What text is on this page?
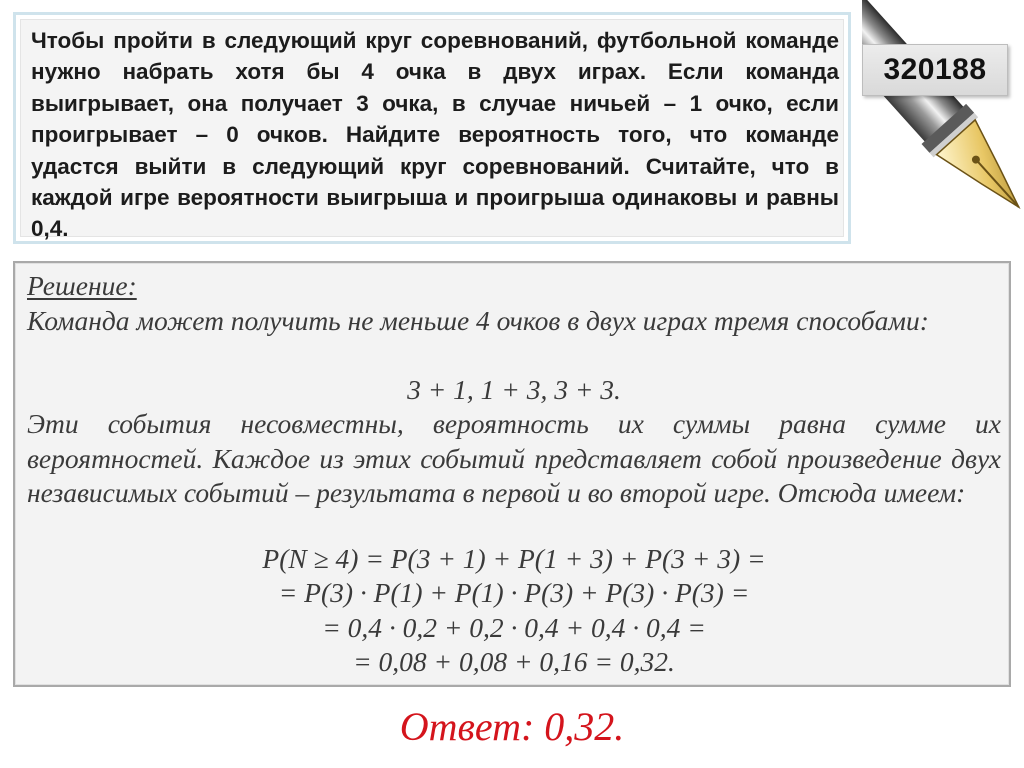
Чтобы пройти в следующий круг соревнований, футбольной команде нужно набрать хотя бы 4 очка в двух играх. Если команда выигрывает, она получает 3 очка, в случае ничьей – 1 очко, если проигрывает – 0 очков. Найдите вероятность того, что команде удастся выйти в следующий круг соревнований. Считайте, что в каждой игре вероятности выигрыша и проигрыша одинаковы и равны 0,4.

320188

Решение:

Команда может получить не меньше 4 очков в двух играх тремя способами:

3 + 1, 1 + 3, 3 + 3.

Эти события несовместны, вероятность их суммы равна сумме их вероятностей. Каждое из этих событий представляет собой произведение двух независимых событий – результата в первой и во второй игре. Отсюда имеем:

P(N ≥ 4) = P(3 + 1) + P(1 + 3) + P(3 + 3) =

= P(3) · P(1) + P(1) · P(3) + P(3) · P(3) =

= 0,4 · 0,2 + 0,2 · 0,4 + 0,4 · 0,4 =

= 0,08 + 0,08 + 0,16 = 0,32.

Ответ: 0,32.
